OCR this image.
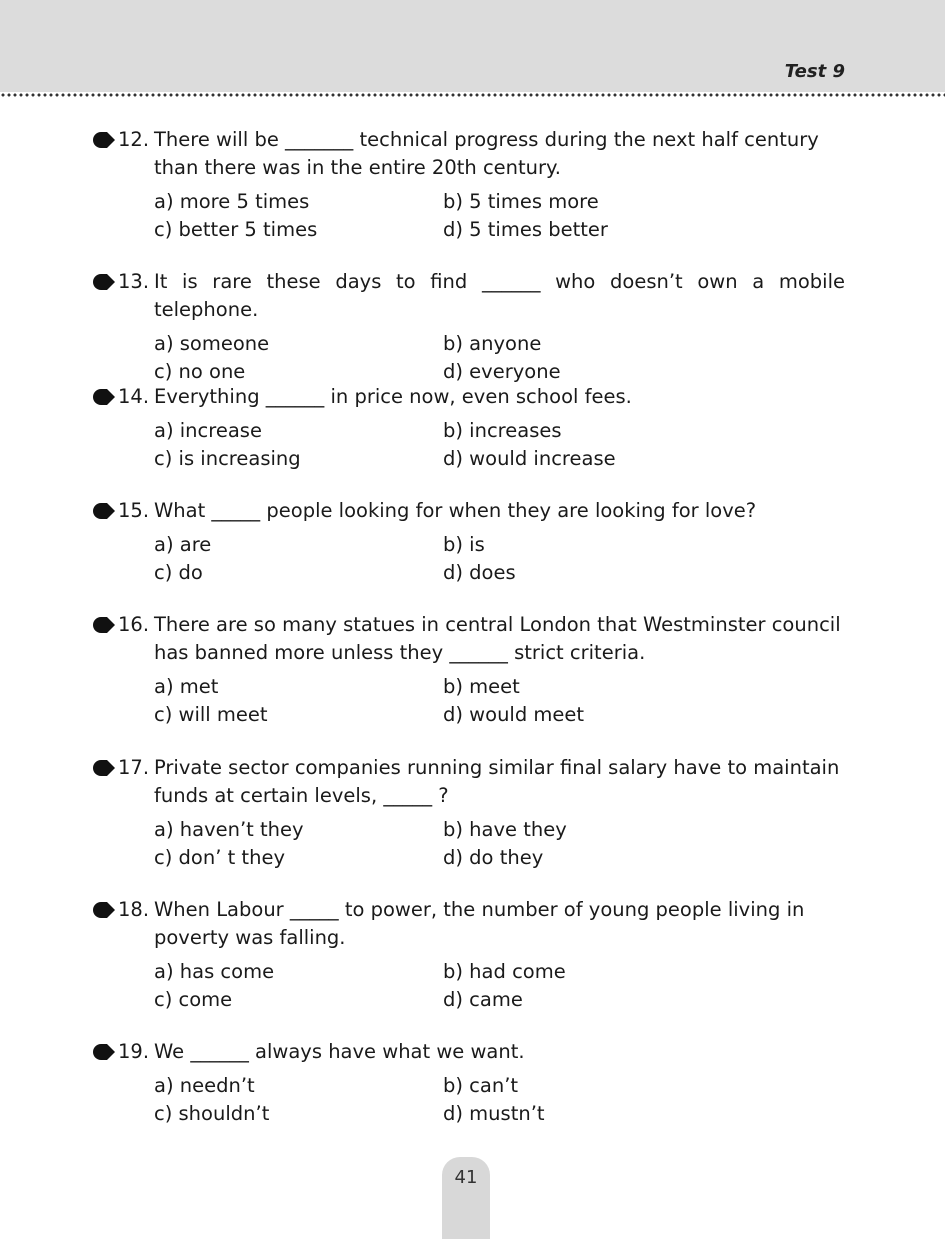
Test 9
12. There will be _______ technical progress during the next half century
than there was in the entire 20th century.
a) more 5 times	b) 5 times more
c) better 5 times	d) 5 times better
13. It is rare these days to find ______ who doesn’t own a mobile telephone.
a) someone	b) anyone
c) no one	d) everyone
14. Everything ______ in price now, even school fees.
a) increase	b) increases
c) is increasing	d) would increase
15. What _____ people looking for when they are looking for love?
a) are	b) is
c) do	d) does
16. There are so many statues in central London that Westminster council
has banned more unless they ______ strict criteria.
a) met	b) meet
c) will meet	d) would meet
17. Private sector companies running similar final salary have to maintain
funds at certain levels, _____ ?
a) haven’t they	b) have they
c) don’ t they	d) do they
18. When Labour _____ to power, the number of young people living in
poverty was falling.
a) has come	b) had come
c) come	d) came
19. We ______ always have what we want.
a) needn’t	b) can’t
c) shouldn’t	d) mustn’t
41
